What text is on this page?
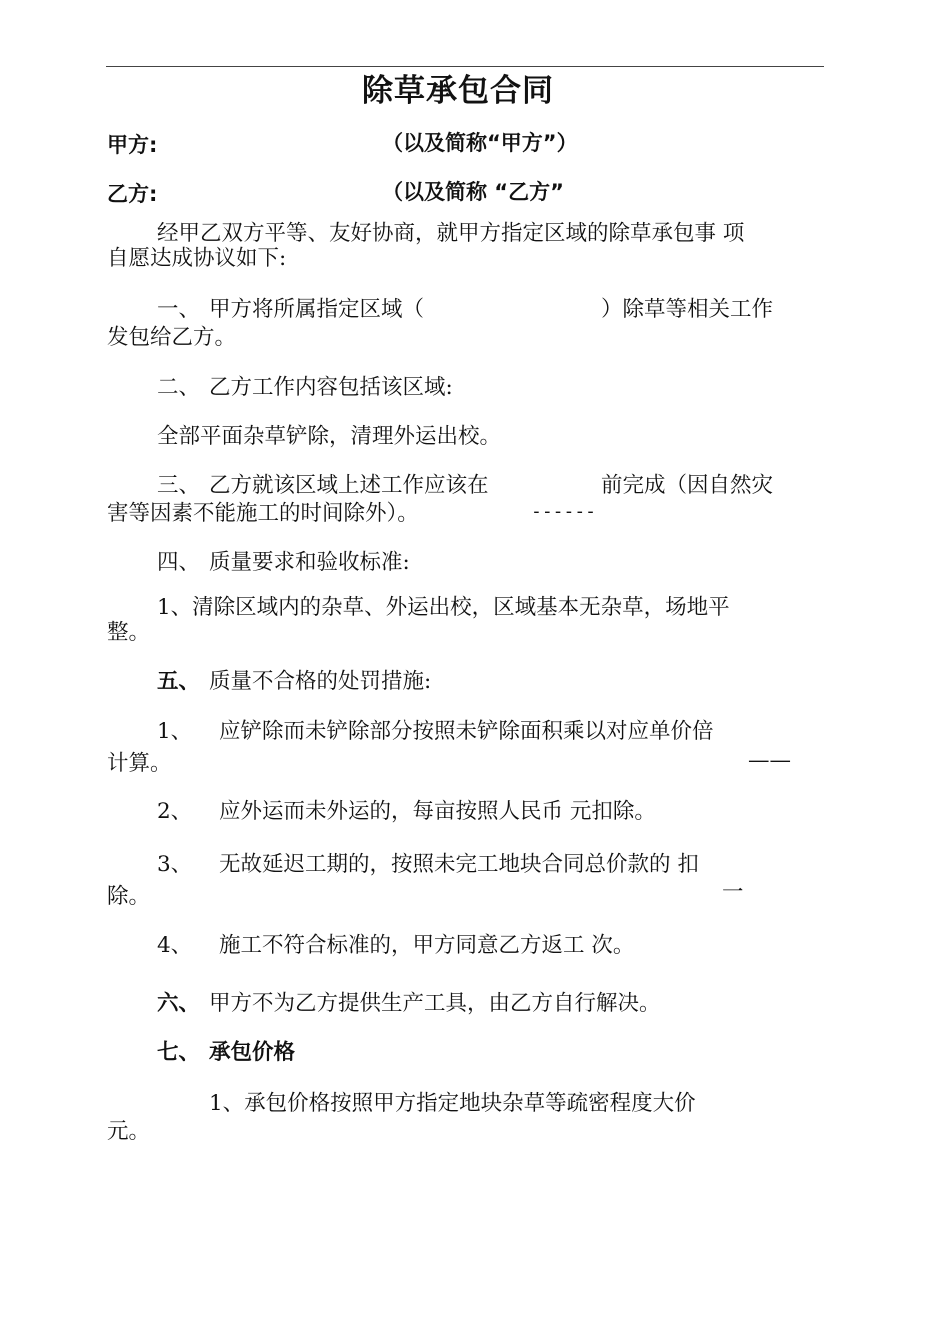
除草承包合同
甲方:	（以及简称“甲方”）
乙方:	（以及简称 “乙方”
经甲乙双方平等、友好协商，就甲方指定区域的除草承包事 项
自愿达成协议如下:
一、 甲方将所属指定区域（	）除草等相关工作
发包给乙方。
二、 乙方工作内容包括该区域:
全部平面杂草铲除，清理外运出校。
三、 乙方就该区域上述工作应该在	前完成（因自然灾
害等因素不能施工的时间除外）。	------
四、 质量要求和验收标准:
1、清除区域内的杂草、外运出校，区域基本无杂草，场地平
整。
五、 质量不合格的处罚措施:
1、 应铲除而未铲除部分按照未铲除面积乘以对应单价倍
计算。	——
2、 应外运而未外运的，每亩按照人民币 元扣除。
3、 无故延迟工期的，按照未完工地块合同总价款的 扣
除。	一
4、 施工不符合标准的，甲方同意乙方返工 次。
六、 甲方不为乙方提供生产工具，由乙方自行解决。
七、 承包价格
1、承包价格按照甲方指定地块杂草等疏密程度大价
元。
